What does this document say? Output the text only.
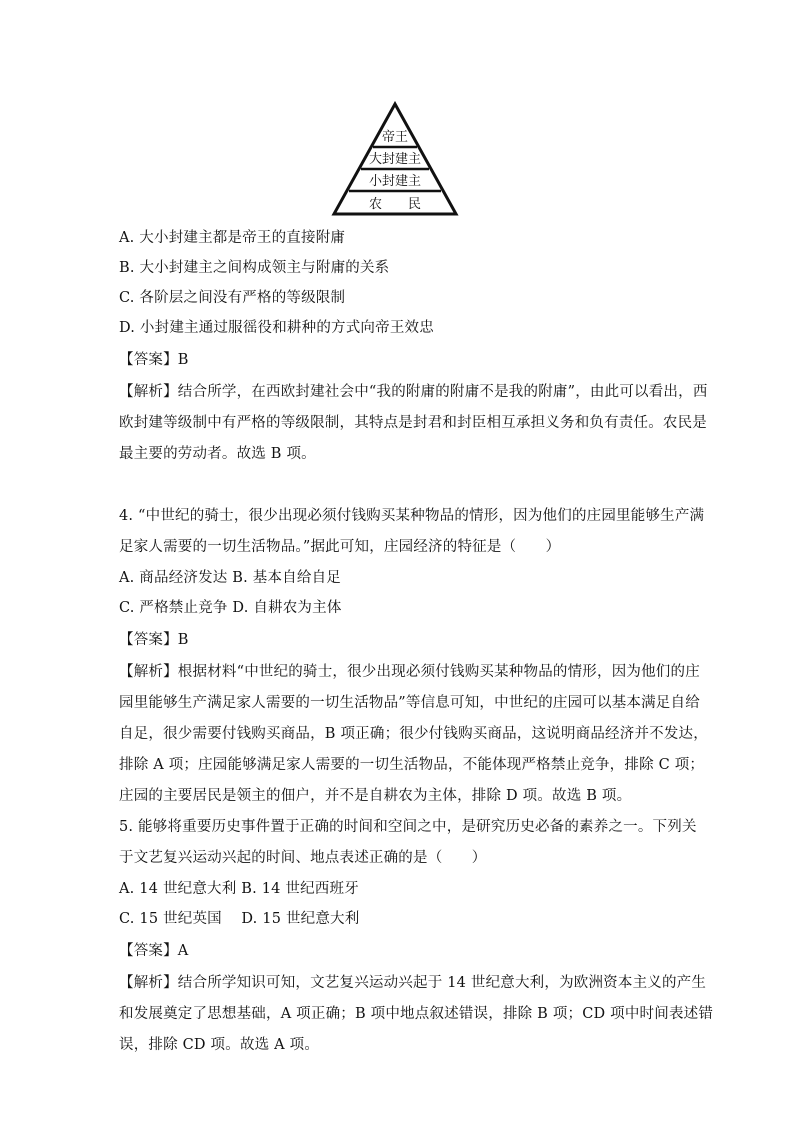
帝王
大封建主
小封建主
农　　民
A. 大小封建主都是帝王的直接附庸
B. 大小封建主之间构成领主与附庸的关系
C. 各阶层之间没有严格的等级限制
D. 小封建主通过服徭役和耕种的方式向帝王效忠
【答案】B
【解析】结合所学，在西欧封建社会中“我的附庸的附庸不是我的附庸”，由此可以看出，西
欧封建等级制中有严格的等级限制，其特点是封君和封臣相互承担义务和负有责任。农民是
最主要的劳动者。故选 B 项。
4. “中世纪的骑士，很少出现必须付钱购买某种物品的情形，因为他们的庄园里能够生产满
足家人需要的一切生活物品。”据此可知，庄园经济的特征是（　　）
A. 商品经济发达 B. 基本自给自足
C. 严格禁止竞争 D. 自耕农为主体
【答案】B
【解析】根据材料“中世纪的骑士，很少出现必须付钱购买某种物品的情形，因为他们的庄
园里能够生产满足家人需要的一切生活物品”等信息可知，中世纪的庄园可以基本满足自给
自足，很少需要付钱购买商品，B 项正确；很少付钱购买商品，这说明商品经济并不发达，
排除 A 项；庄园能够满足家人需要的一切生活物品，不能体现严格禁止竞争，排除 C 项；
庄园的主要居民是领主的佃户，并不是自耕农为主体，排除 D 项。故选 B 项。
5. 能够将重要历史事件置于正确的时间和空间之中，是研究历史必备的素养之一。下列关
于文艺复兴运动兴起的时间、地点表述正确的是（　　）
A. 14 世纪意大利 B. 14 世纪西班牙
C. 15 世纪英国　 D. 15 世纪意大利
【答案】A
【解析】结合所学知识可知，文艺复兴运动兴起于 14 世纪意大利，为欧洲资本主义的产生
和发展奠定了思想基础，A 项正确；B 项中地点叙述错误，排除 B 项；CD 项中时间表述错
误，排除 CD 项。故选 A 项。
